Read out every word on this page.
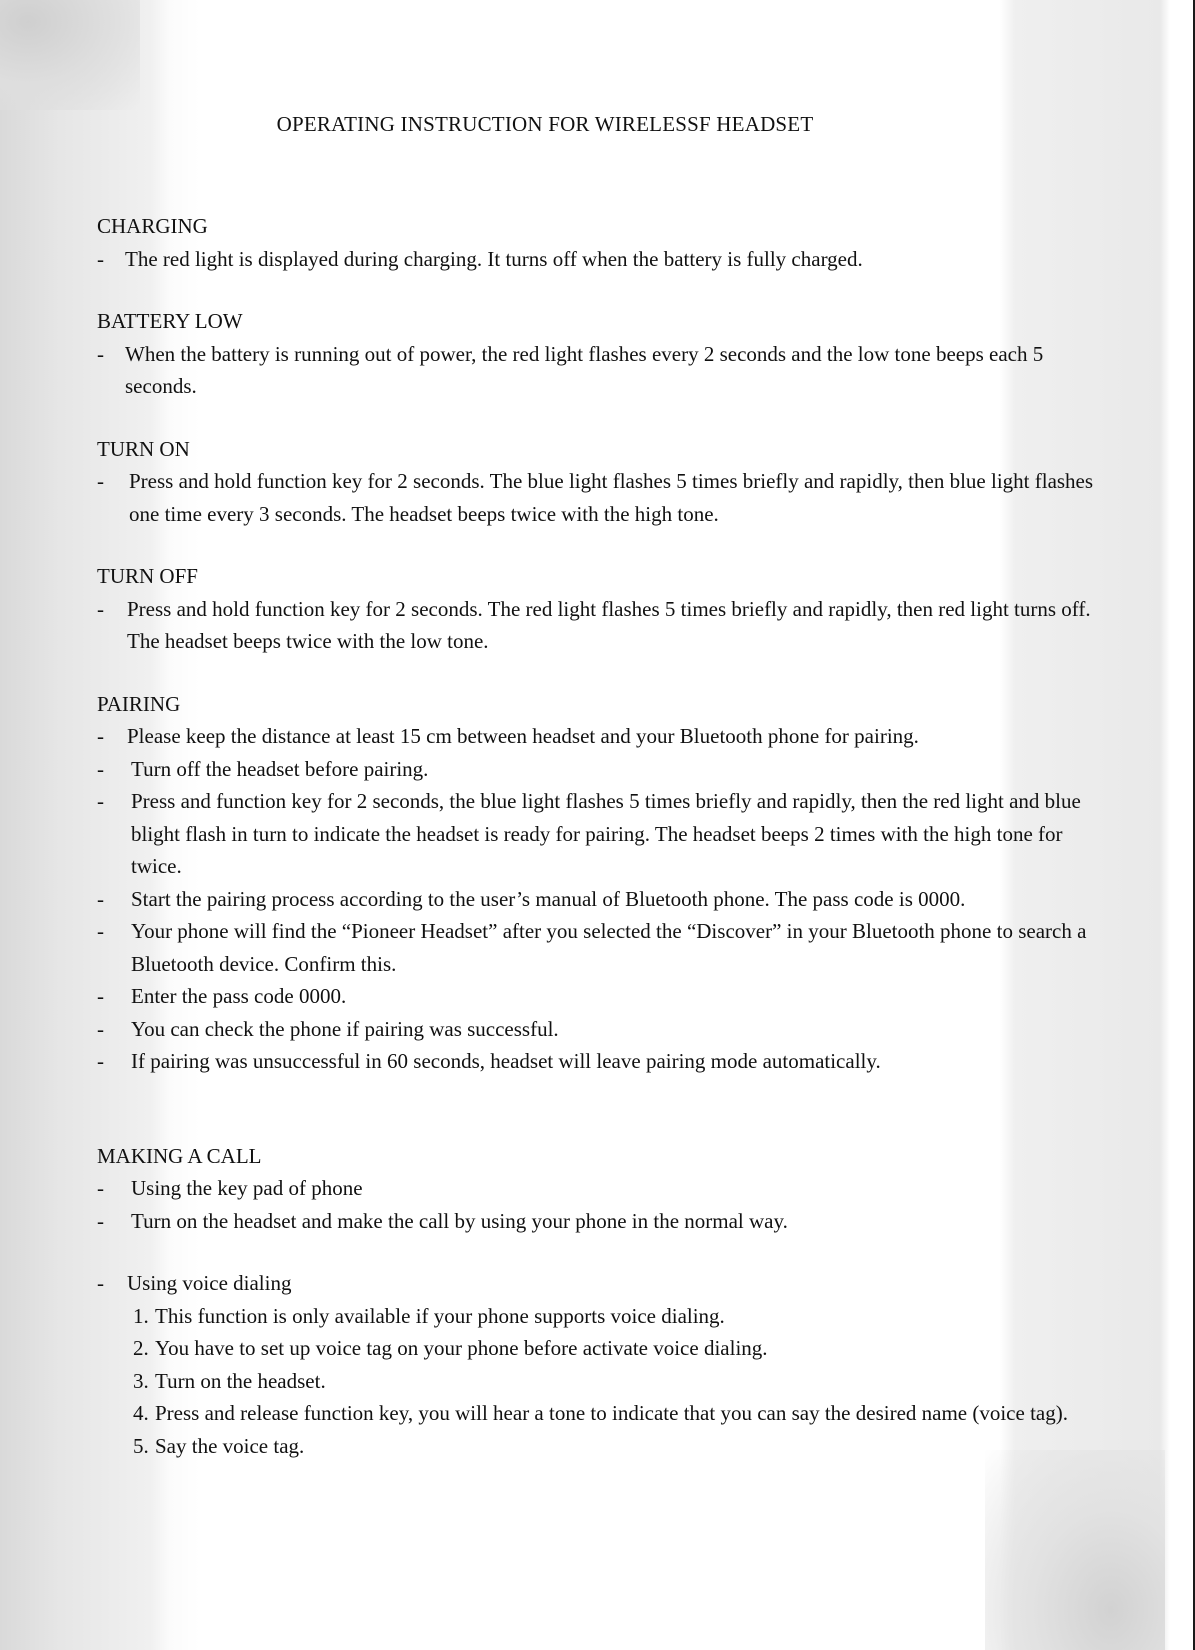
OPERATING INSTRUCTION FOR WIRELESSF HEADSET

CHARGING

- The red light is displayed during charging. It turns off when the battery is fully charged.

BATTERY LOW

- When the battery is running out of power, the red light flashes every 2 seconds and the low tone beeps each 5 seconds.

TURN ON

- Press and hold function key for 2 seconds. The blue light flashes 5 times briefly and rapidly, then blue light flashes one time every 3 seconds. The headset beeps twice with the high tone.

TURN OFF

- Press and hold function key for 2 seconds. The red light flashes 5 times briefly and rapidly, then red light turns off. The headset beeps twice with the low tone.

PAIRING

- Please keep the distance at least 15 cm between headset and your Bluetooth phone for pairing.

- Turn off the headset before pairing.

- Press and function key for 2 seconds, the blue light flashes 5 times briefly and rapidly, then the red light and blue blight flash in turn to indicate the headset is ready for pairing. The headset beeps 2 times with the high tone for twice.

- Start the pairing process according to the user’s manual of Bluetooth phone. The pass code is 0000.

- Your phone will find the “Pioneer Headset” after you selected the “Discover” in your Bluetooth phone to search a Bluetooth device. Confirm this.

- Enter the pass code 0000.

- You can check the phone if pairing was successful.

- If pairing was unsuccessful in 60 seconds, headset will leave pairing mode automatically.

MAKING A CALL

- Using the key pad of phone

- Turn on the headset and make the call by using your phone in the normal way.

- Using voice dialing

1. This function is only available if your phone supports voice dialing.

2. You have to set up voice tag on your phone before activate voice dialing.

3. Turn on the headset.

4. Press and release function key, you will hear a tone to indicate that you can say the desired name (voice tag).

5. Say the voice tag.
